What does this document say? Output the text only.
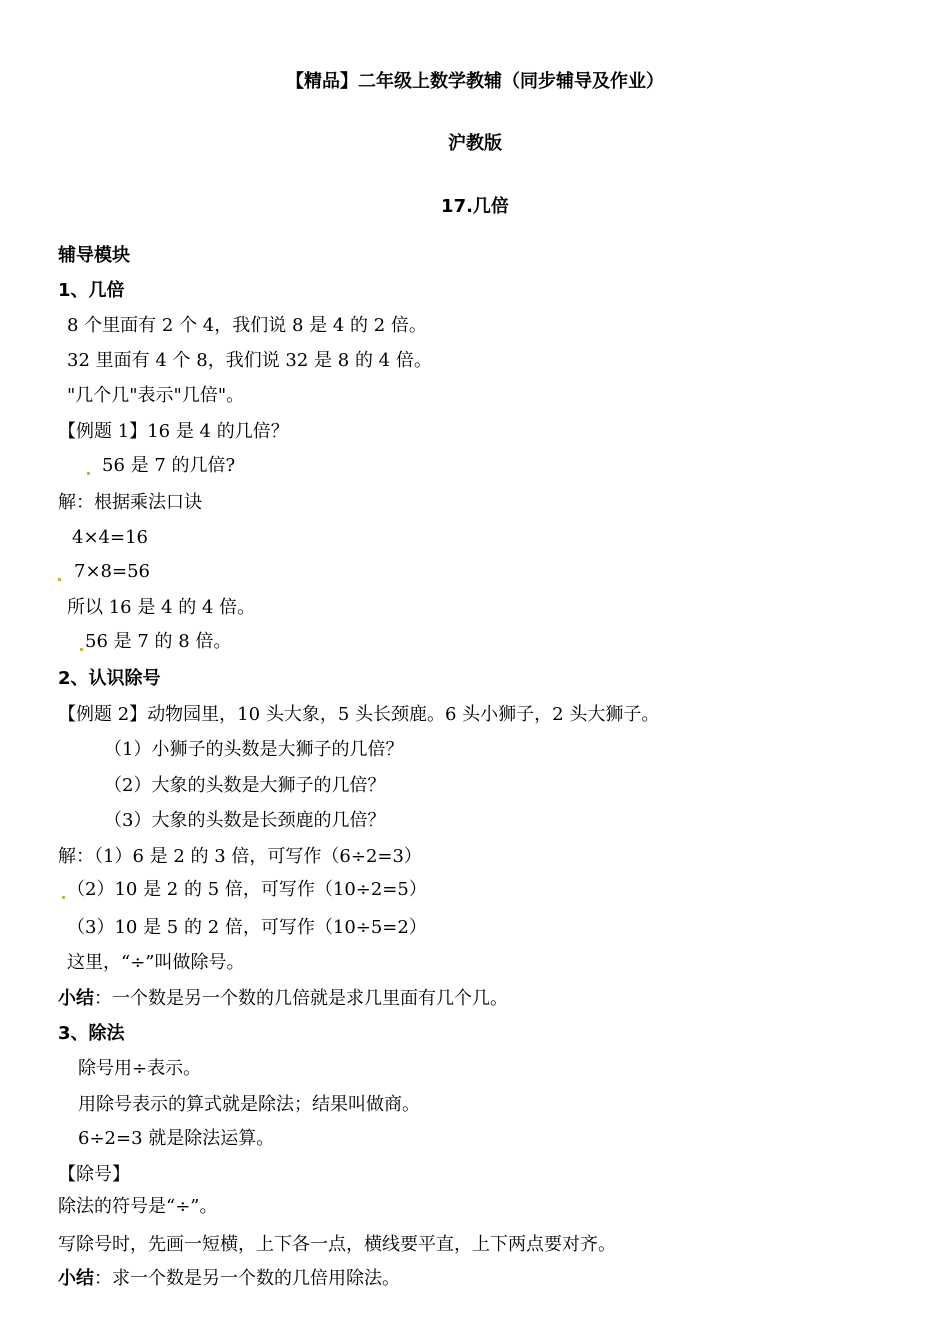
【精品】二年级上数学教辅（同步辅导及作业）
沪教版
17.几倍
辅导模块
1、几倍
8 个里面有 2 个 4，我们说 8 是 4 的 2 倍。
32 里面有 4 个 8，我们说 32 是 8 的 4 倍。
"几个几"表示"几倍"。
【例题 1】16 是 4 的几倍？
56 是 7 的几倍?
解：根据乘法口诀
4×4=16
7×8=56
所以 16 是 4 的 4 倍。
56 是 7 的 8 倍。
2、认识除号
【例题 2】动物园里，10 头大象，5 头长颈鹿。6 头小狮子，2 头大狮子。
（1）小狮子的头数是大狮子的几倍？
（2）大象的头数是大狮子的几倍？
（3）大象的头数是长颈鹿的几倍？
解：（1）6 是 2 的 3 倍，可写作（6÷2=3）
（2）10 是 2 的 5 倍，可写作（10÷2=5）
（3）10 是 5 的 2 倍，可写作（10÷5=2）
这里，“÷”叫做除号。
小结：一个数是另一个数的几倍就是求几里面有几个几。
3、除法
除号用÷表示。
用除号表示的算式就是除法；结果叫做商。
6÷2=3 就是除法运算。
【除号】
除法的符号是“÷”。
写除号时，先画一短横，上下各一点，横线要平直，上下两点要对齐。
小结：求一个数是另一个数的几倍用除法。
